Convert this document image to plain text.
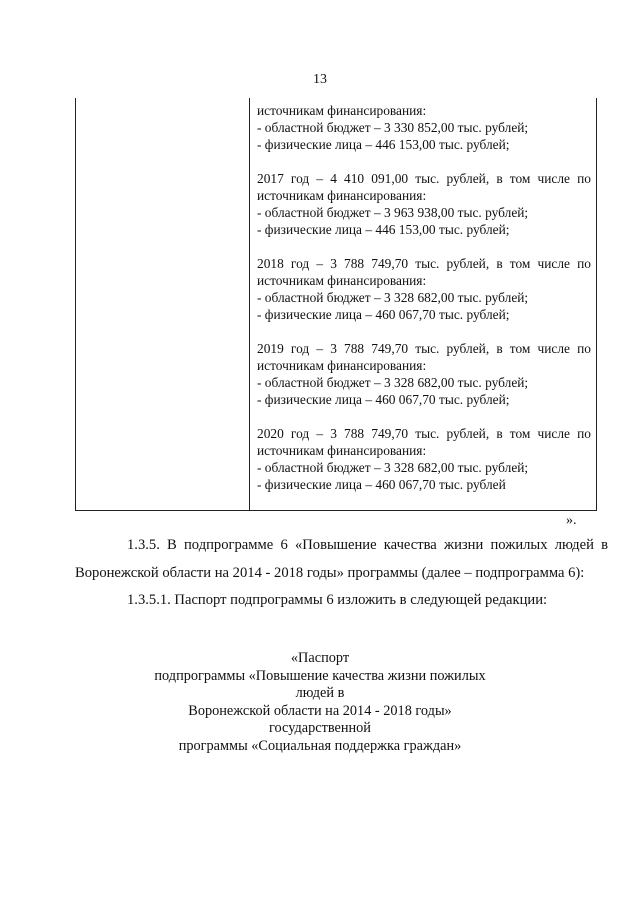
13
источникам финансирования:
- областной бюджет – 3 330 852,00 тыс. рублей;
- физические лица – 446 153,00 тыс. рублей;
2017 год – 4 410 091,00 тыс. рублей, в том числе по
источникам финансирования:
- областной бюджет – 3 963 938,00 тыс. рублей;
- физические лица – 446 153,00 тыс. рублей;
2018 год – 3 788 749,70 тыс. рублей, в том числе по
источникам финансирования:
- областной бюджет – 3 328 682,00 тыс. рублей;
- физические лица – 460 067,70 тыс. рублей;
2019 год – 3 788 749,70 тыс. рублей, в том числе по
источникам финансирования:
- областной бюджет – 3 328 682,00 тыс. рублей;
- физические лица – 460 067,70 тыс. рублей;
2020 год – 3 788 749,70 тыс. рублей, в том числе по
источникам финансирования:
- областной бюджет – 3 328 682,00 тыс. рублей;
- физические лица – 460 067,70 тыс. рублей
».
1.3.5. В подпрограмме 6 «Повышение качества жизни пожилых людей в
Воронежской области на 2014 - 2018 годы» программы (далее – подпрограмма 6):
1.3.5.1. Паспорт подпрограммы 6 изложить в следующей редакции:
«Паспорт
подпрограммы «Повышение качества жизни пожилых людей в
Воронежской области на 2014 - 2018 годы» государственной
программы «Социальная поддержка граждан»
